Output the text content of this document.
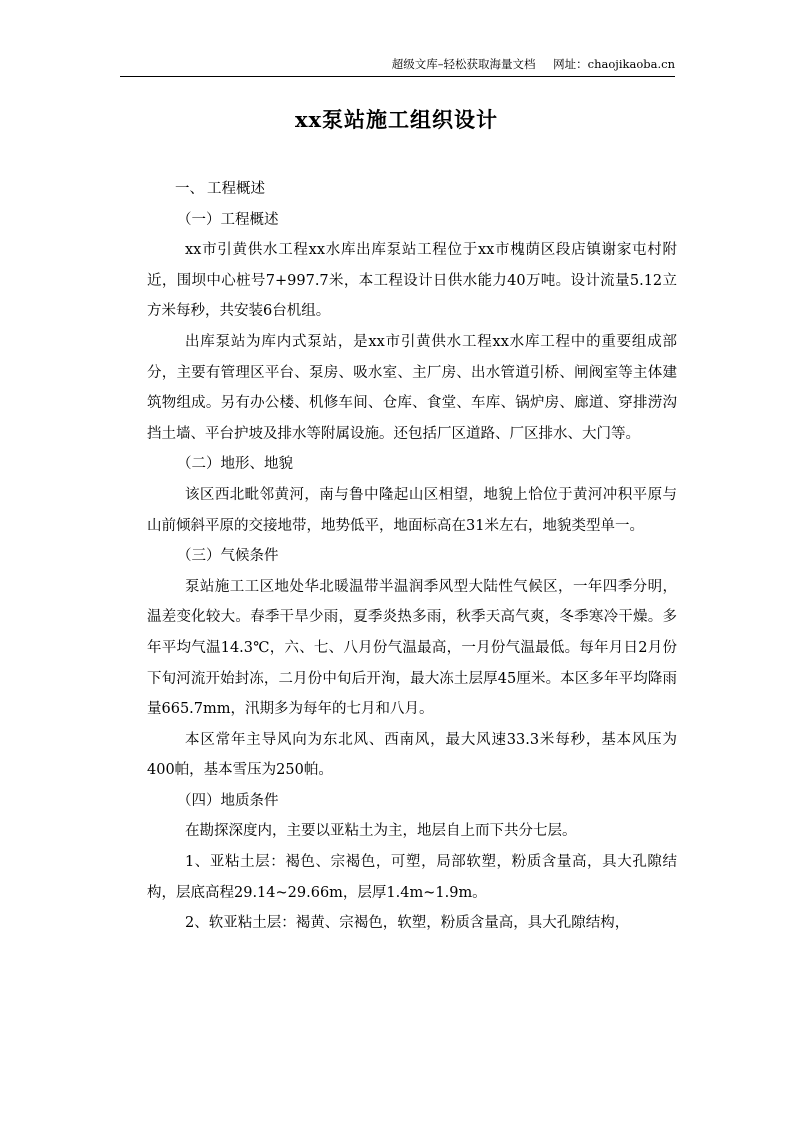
超级文库–轻松获取海量文档 网址：chaojikaoba.cn
xx泵站施工组织设计

一、 工程概述

（一）工程概述

xx市引黄供水工程xx水库出库泵站工程位于xx市槐荫区段店镇谢家屯村附近，围坝中心桩号7+997.7米，本工程设计日供水能力40万吨。设计流量5.12立方米每秒，共安装6台机组。

出库泵站为库内式泵站，是xx市引黄供水工程xx水库工程中的重要组成部分，主要有管理区平台、泵房、吸水室、主厂房、出水管道引桥、闸阀室等主体建筑物组成。另有办公楼、机修车间、仓库、食堂、车库、锅炉房、廊道、穿排涝沟挡土墙、平台护坡及排水等附属设施。还包括厂区道路、厂区排水、大门等。

（二）地形、地貌

该区西北毗邻黄河，南与鲁中隆起山区相望，地貌上恰位于黄河冲积平原与山前倾斜平原的交接地带，地势低平，地面标高在31米左右，地貌类型单一。

（三）气候条件

泵站施工工区地处华北暖温带半温润季风型大陆性气候区，一年四季分明，温差变化较大。春季干旱少雨，夏季炎热多雨，秋季天高气爽，冬季寒冷干燥。多年平均气温14.3℃，六、七、八月份气温最高，一月份气温最低。每年月日2月份下旬河流开始封冻，二月份中旬后开洵，最大冻土层厚45厘米。本区多年平均降雨量665.7mm，汛期多为每年的七月和八月。

本区常年主导风向为东北风、西南风，最大风速33.3米每秒，基本风压为400帕，基本雪压为250帕。

（四）地质条件

在勘探深度内，主要以亚粘土为主，地层自上而下共分七层。

1、亚粘土层：褐色、宗褐色，可塑，局部软塑，粉质含量高，具大孔隙结构，层底高程29.14~29.66m，层厚1.4m~1.9m。

2、软亚粘土层：褐黄、宗褐色，软塑，粉质含量高，具大孔隙结构，
